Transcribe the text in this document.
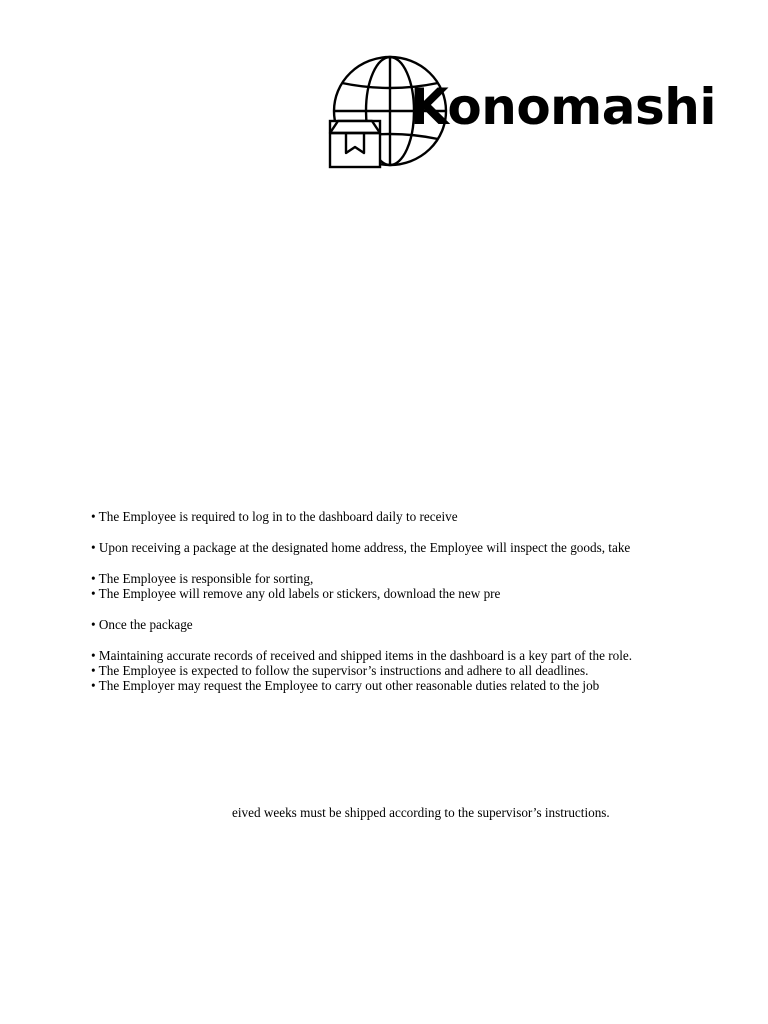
Konomashi
• The Employee is required to log in to the dashboard daily to receive
• Upon receiving a package at the designated home address, the Employee will inspect the goods, take
• The Employee is responsible for sorting,
• The Employee will remove any old labels or stickers, download the new pre
• Once the package
• Maintaining accurate records of received and shipped items in the dashboard is a key part of the role.
• The Employee is expected to follow the supervisor’s instructions and adhere to all deadlines.
• The Employer may request the Employee to carry out other reasonable duties related to the job
eived weeks must be shipped according to the supervisor’s instructions.
